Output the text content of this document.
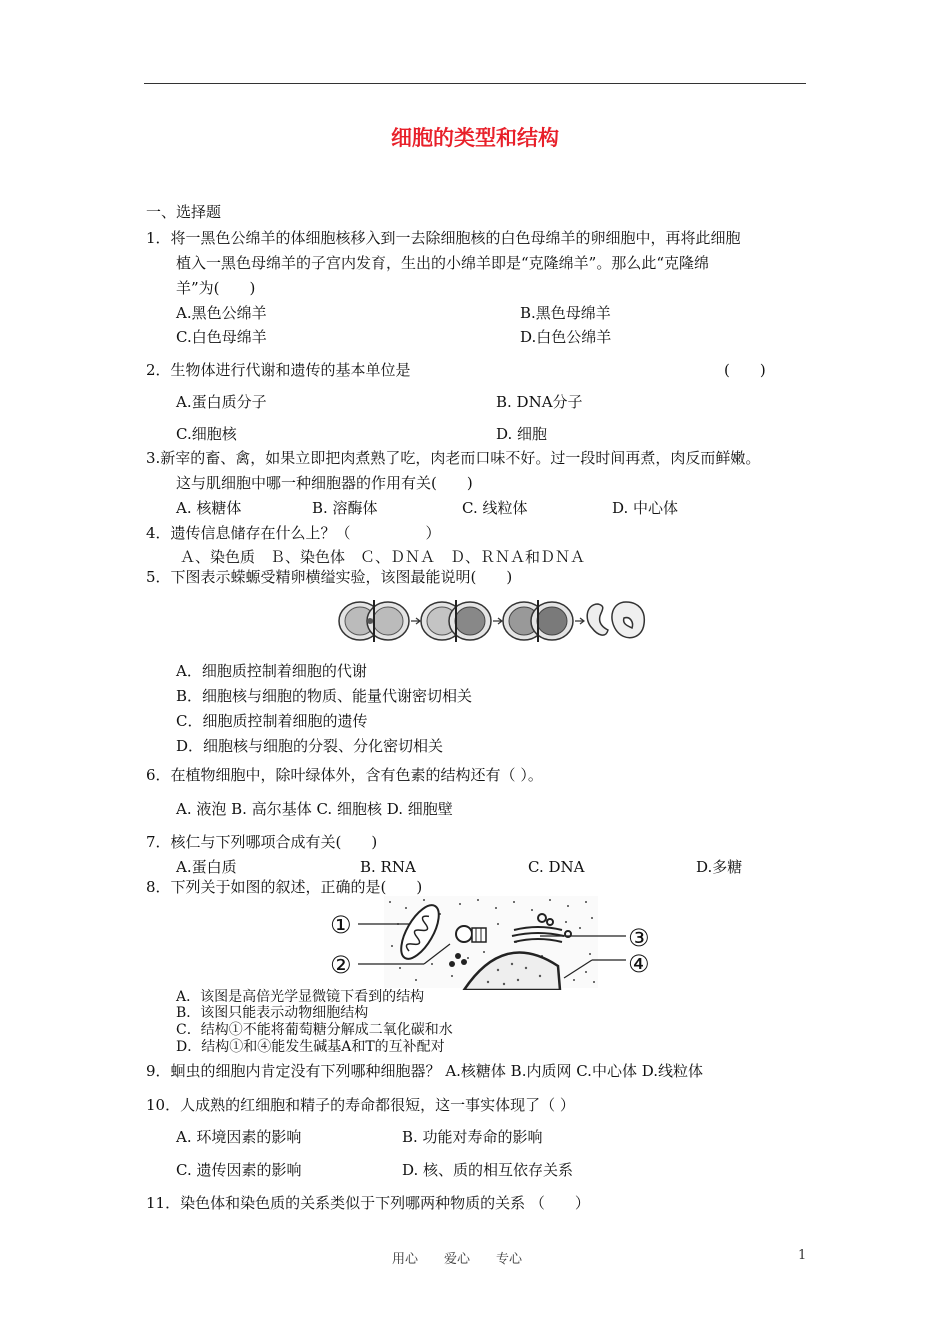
细胞的类型和结构
一、选择题
1．将一黑色公绵羊的体细胞核移入到一去除细胞核的白色母绵羊的卵细胞中，再将此细胞
植入一黑色母绵羊的子宫内发育，生出的小绵羊即是“克隆绵羊”。那么此“克隆绵
羊”为(　　)
A.黑色公绵羊	B.黑色母绵羊
C.白色母绵羊	D.白色公绵羊
2．生物体进行代谢和遗传的基本单位是	(　　)
A.蛋白质分子	B. DNA分子
C.细胞核	D. 细胞
3.新宰的畜、禽，如果立即把肉煮熟了吃，肉老而口味不好。过一段时间再煮，肉反而鲜嫩。
这与肌细胞中哪一种细胞器的作用有关(　　)
A. 核糖体	B. 溶酶体	C. 线粒体	D. 中心体
4．遗传信息储存在什么上？（　　　　　）
Ａ、染色质　Ｂ、染色体　Ｃ、ＤＮＡ　Ｄ、ＲＮＡ和ＤＮＡ
5．下图表示蝾螈受精卵横缢实验，该图最能说明(　　)
A．细胞质控制着细胞的代谢
B．细胞核与细胞的物质、能量代谢密切相关
C．细胞质控制着细胞的遗传
D．细胞核与细胞的分裂、分化密切相关
6．在植物细胞中，除叶绿体外，含有色素的结构还有（ ）。
A. 液泡 B. 高尔基体 C. 细胞核 D. 细胞壁
7．核仁与下列哪项合成有关(　　)
A.蛋白质	B. RNA	C. DNA	D.多糖
8．下列关于如图的叙述，正确的是(　　)
①
②
③
④
A．该图是高倍光学显微镜下看到的结构
B．该图只能表示动物细胞结构
C．结构①不能将葡萄糖分解成二氧化碳和水
D．结构①和④能发生碱基A和T的互补配对
9．蛔虫的细胞内肯定没有下列哪种细胞器？ A.核糖体 B.内质网 C.中心体 D.线粒体
10．人成熟的红细胞和精子的寿命都很短，这一事实体现了（ ）
A. 环境因素的影响	B. 功能对寿命的影响
C. 遗传因素的影响	D. 核、质的相互依存关系
11．染色体和染色质的关系类似于下列哪两种物质的关系 （　　）
用心　　爱心　　专心	1
